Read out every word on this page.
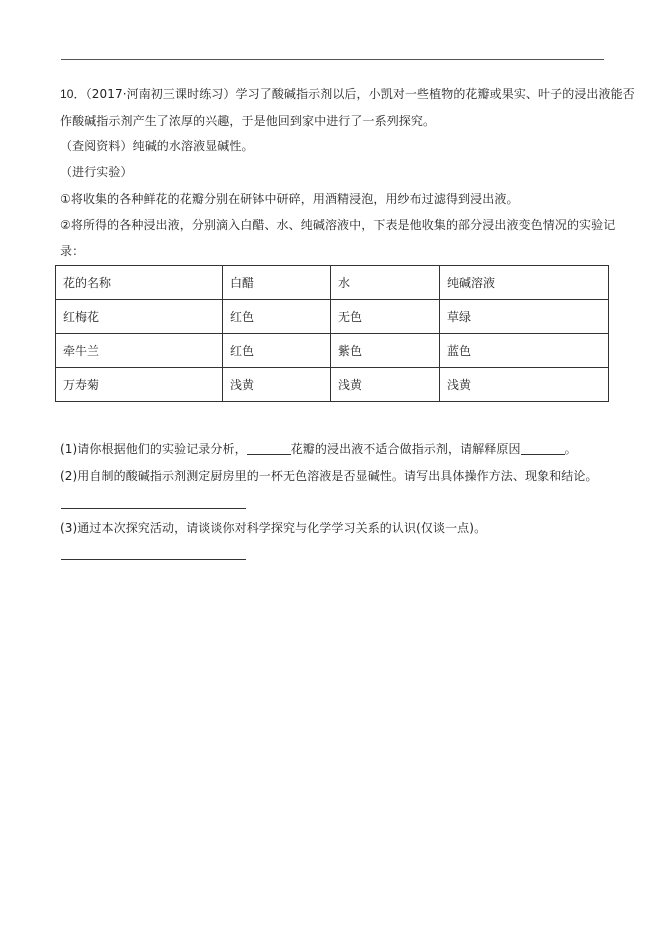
10．（2017·河南初三课时练习）学习了酸碱指示剂以后，小凯对一些植物的花瓣或果实、叶子的浸出液能否
作酸碱指示剂产生了浓厚的兴趣，于是他回到家中进行了一系列探究。
（查阅资料）纯碱的水溶液显碱性。
（进行实验）
①将收集的各种鲜花的花瓣分别在研钵中研碎，用酒精浸泡，用纱布过滤得到浸出液。
②将所得的各种浸出液，分别滴入白醋、水、纯碱溶液中，下表是他收集的部分浸出液变色情况的实验记
录：
花的名称	白醋	水	纯碱溶液
红梅花	红色	无色	草绿
牵牛兰	红色	紫色	蓝色
万寿菊	浅黄	浅黄	浅黄
(1)请你根据他们的实验记录分析，	花瓣的浸出液不适合做指示剂，请解释原因	。
(2)用自制的酸碱指示剂测定厨房里的一杯无色溶液是否显碱性。请写出具体操作方法、现象和结论。
(3)通过本次探究活动，请谈谈你对科学探究与化学学习关系的认识(仅谈一点)。
